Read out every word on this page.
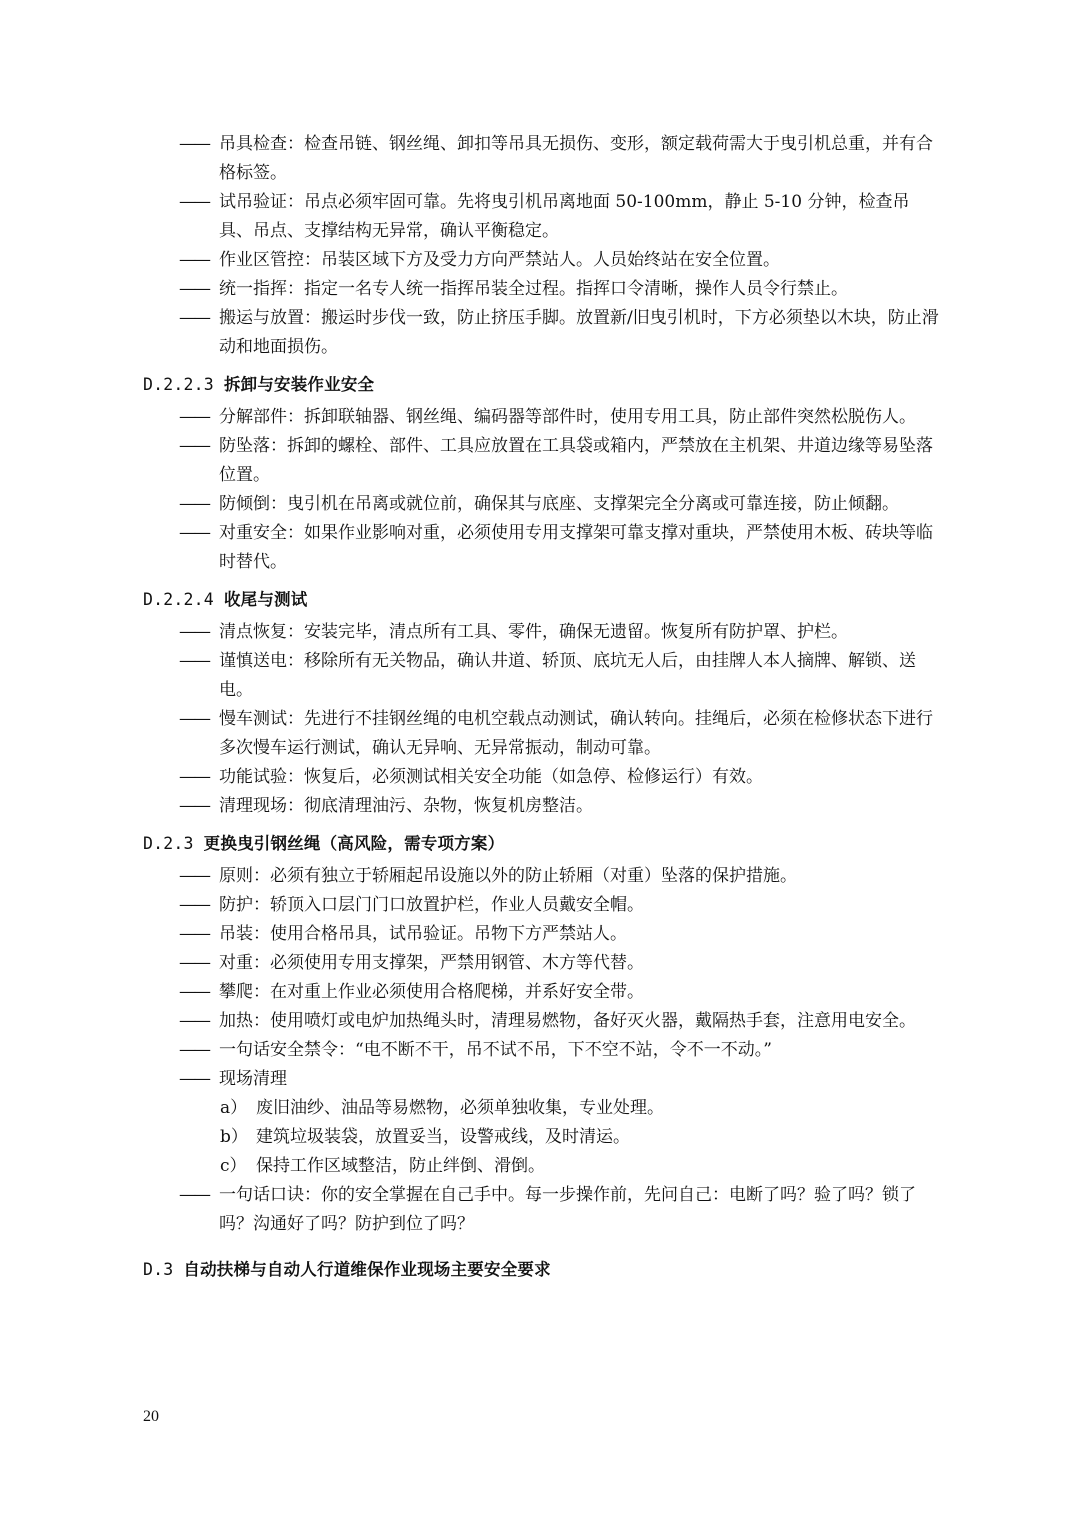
—— 吊具检查：检查吊链、钢丝绳、卸扣等吊具无损伤、变形，额定载荷需大于曳引机总重，并有合格标签。

—— 试吊验证：吊点必须牢固可靠。先将曳引机吊离地面 50-100mm，静止 5-10 分钟，检查吊具、吊点、支撑结构无异常，确认平衡稳定。

—— 作业区管控：吊装区域下方及受力方向严禁站人。人员始终站在安全位置。

—— 统一指挥：指定一名专人统一指挥吊装全过程。指挥口令清晰，操作人员令行禁止。

—— 搬运与放置：搬运时步伐一致，防止挤压手脚。放置新/旧曳引机时，下方必须垫以木块，防止滑动和地面损伤。

D.2.2.3 拆卸与安装作业安全

—— 分解部件：拆卸联轴器、钢丝绳、编码器等部件时，使用专用工具，防止部件突然松脱伤人。

—— 防坠落：拆卸的螺栓、部件、工具应放置在工具袋或箱内，严禁放在主机架、井道边缘等易坠落位置。

—— 防倾倒：曳引机在吊离或就位前，确保其与底座、支撑架完全分离或可靠连接，防止倾翻。

—— 对重安全：如果作业影响对重，必须使用专用支撑架可靠支撑对重块，严禁使用木板、砖块等临时替代。

D.2.2.4 收尾与测试

—— 清点恢复：安装完毕，清点所有工具、零件，确保无遗留。恢复所有防护罩、护栏。

—— 谨慎送电：移除所有无关物品，确认井道、轿顶、底坑无人后，由挂牌人本人摘牌、解锁、送电。

—— 慢车测试：先进行不挂钢丝绳的电机空载点动测试，确认转向。挂绳后，必须在检修状态下进行多次慢车运行测试，确认无异响、无异常振动，制动可靠。

—— 功能试验：恢复后，必须测试相关安全功能（如急停、检修运行）有效。

—— 清理现场：彻底清理油污、杂物，恢复机房整洁。

D.2.3 更换曳引钢丝绳（高风险，需专项方案）

—— 原则：必须有独立于轿厢起吊设施以外的防止轿厢（对重）坠落的保护措施。

—— 防护：轿顶入口层门门口放置护栏，作业人员戴安全帽。

—— 吊装：使用合格吊具，试吊验证。吊物下方严禁站人。

—— 对重：必须使用专用支撑架，严禁用钢管、木方等代替。

—— 攀爬：在对重上作业必须使用合格爬梯，并系好安全带。

—— 加热：使用喷灯或电炉加热绳头时，清理易燃物，备好灭火器，戴隔热手套，注意用电安全。

—— 一句话安全禁令：“电不断不干，吊不试不吊，下不空不站，令不一不动。”

—— 现场清理

a） 废旧油纱、油品等易燃物，必须单独收集，专业处理。
b） 建筑垃圾装袋，放置妥当，设警戒线，及时清运。
c） 保持工作区域整洁，防止绊倒、滑倒。

—— 一句话口诀：你的安全掌握在自己手中。每一步操作前，先问自己：电断了吗？验了吗？锁了吗？沟通好了吗？防护到位了吗？

D.3 自动扶梯与自动人行道维保作业现场主要安全要求
20
